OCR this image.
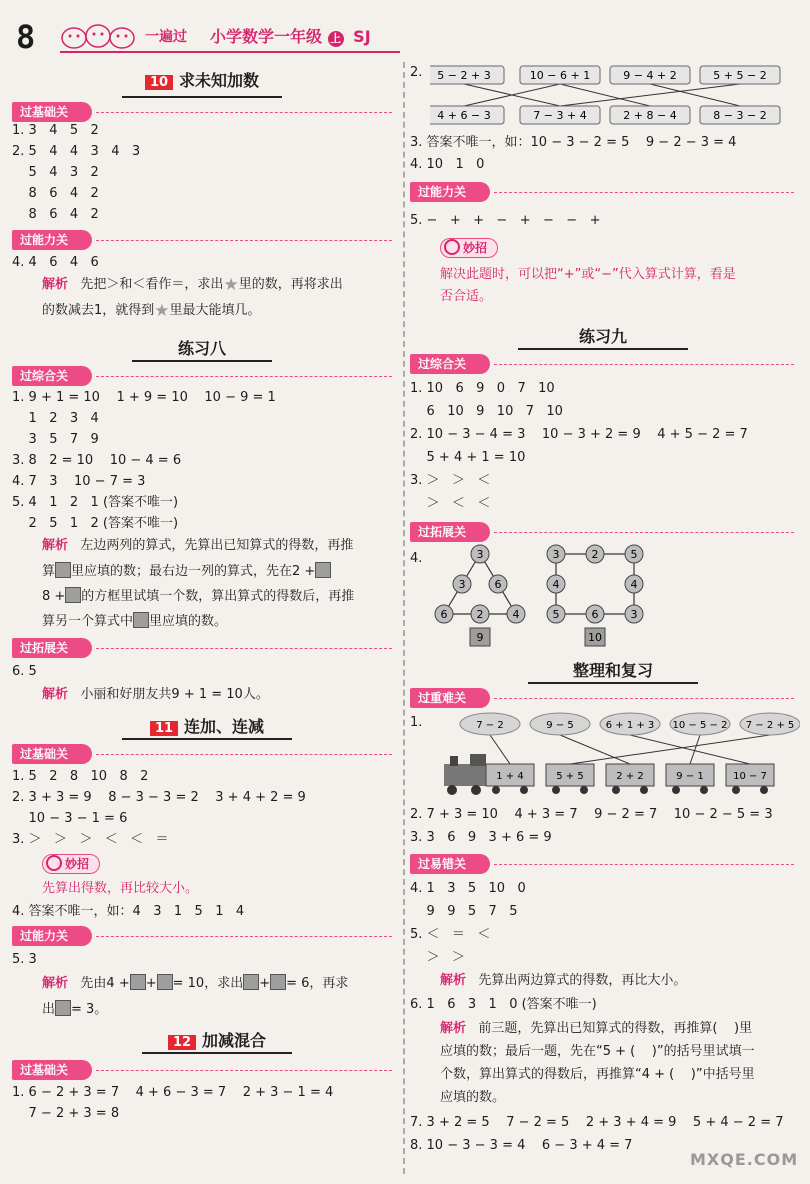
8	一遍过 小学数学一年级 上 SJ
10 求未知加数
过基础关
1. 3   4   5   2
2. 5   4   4   3   4   3
5   4   3   2
8   6   4   2
8   6   4   2
过能力关
4. 4   6   4   6
解析 先把＞和＜看作＝，求出★里的数，再将求出
的数减去1，就得到★里最大能填几。
练习八
过综合关
1. 9 + 1 = 10    1 + 9 = 10    10 − 9 = 1
1   2   3   4
3   5   7   9
3. 8   2 = 10    10 − 4 = 6
4. 7   3    10 − 7 = 3
5. 4   1   2   1 (答案不唯一)
2   5   1   2 (答案不唯一)
解析 左边两列的算式，先算出已知算式的得数，再推
算 里应填的数；最右边一列的算式，先在2 +
8 + 的方框里试填一个数，算出算式的得数后，再推
算另一个算式中 里应填的数。
过拓展关
6. 5
解析 小丽和好朋友共9 + 1 = 10人。
11 连加、连减
过基础关
1. 5   2   8   10   8   2
2. 3 + 3 = 9    8 − 3 − 3 = 2    3 + 4 + 2 = 9
10 − 3 − 1 = 6
3. ＞   ＞   ＞   ＜   ＜   ＝
妙招
先算出得数，再比较大小。
4. 答案不唯一，如：4   3   1   5   1   4
过能力关
5. 3
解析 先由4 + + = 10，求出 + = 6，再求
出 = 3。
12 加减混合
过基础关
1. 6 − 2 + 3 = 7    4 + 6 − 3 = 7    2 + 3 − 1 = 4
7 − 2 + 3 = 8
2. 5 − 2 + 3	10 − 6 + 1	9 − 4 + 2	5 + 5 − 2
4 + 6 − 3	7 − 3 + 4	2 + 8 − 4	8 − 3 − 2
3. 答案不唯一，如：10 − 3 − 2 = 5    9 − 2 − 3 = 4
4. 10   1   0
过能力关
5. −   +   +   −   +   −   −   +
妙招
解决此题时，可以把“+”或“−”代入算式计算，看是
否合适。
练习九
过综合关
1. 10   6   9   0   7   10
6   10   9   10   7   10
2. 10 − 3 − 4 = 3    10 − 3 + 2 = 9    4 + 5 − 2 = 7
5 + 4 + 1 = 10
3. ＞   ＞   ＜
＞   ＜   ＜
过拓展关
4.	3
3
6	2	4
6
3	2	5
4
3
6
5
4
9	10
整理和复习
过重难关
1.	7 − 2	9 − 5	6 + 1 + 3 10 − 5 − 2 7 − 2 + 5
1 + 4	5 + 5	2 + 2	9 − 1	10 − 7
2. 7 + 3 = 10    4 + 3 = 7    9 − 2 = 7    10 − 2 − 5 = 3
3. 3   6   9   3 + 6 = 9
过易错关
4. 1   3   5   10   0
9   9   5   7   5
5. ＜   ＝   ＜
＞   ＞
解析 先算出两边算式的得数，再比大小。
6. 1   6   3   1   0 (答案不唯一)
解析 前三题，先算出已知算式的得数，再推算(    )里
应填的数；最后一题，先在“5 + (    )”的括号里试填一
个数，算出算式的得数后，再推算“4 + (    )”中括号里
应填的数。
7. 3 + 2 = 5    7 − 2 = 5    2 + 3 + 4 = 9    5 + 4 − 2 = 7
8. 10 − 3 − 3 = 4    6 − 3 + 4 = 7
MXQE.COM
